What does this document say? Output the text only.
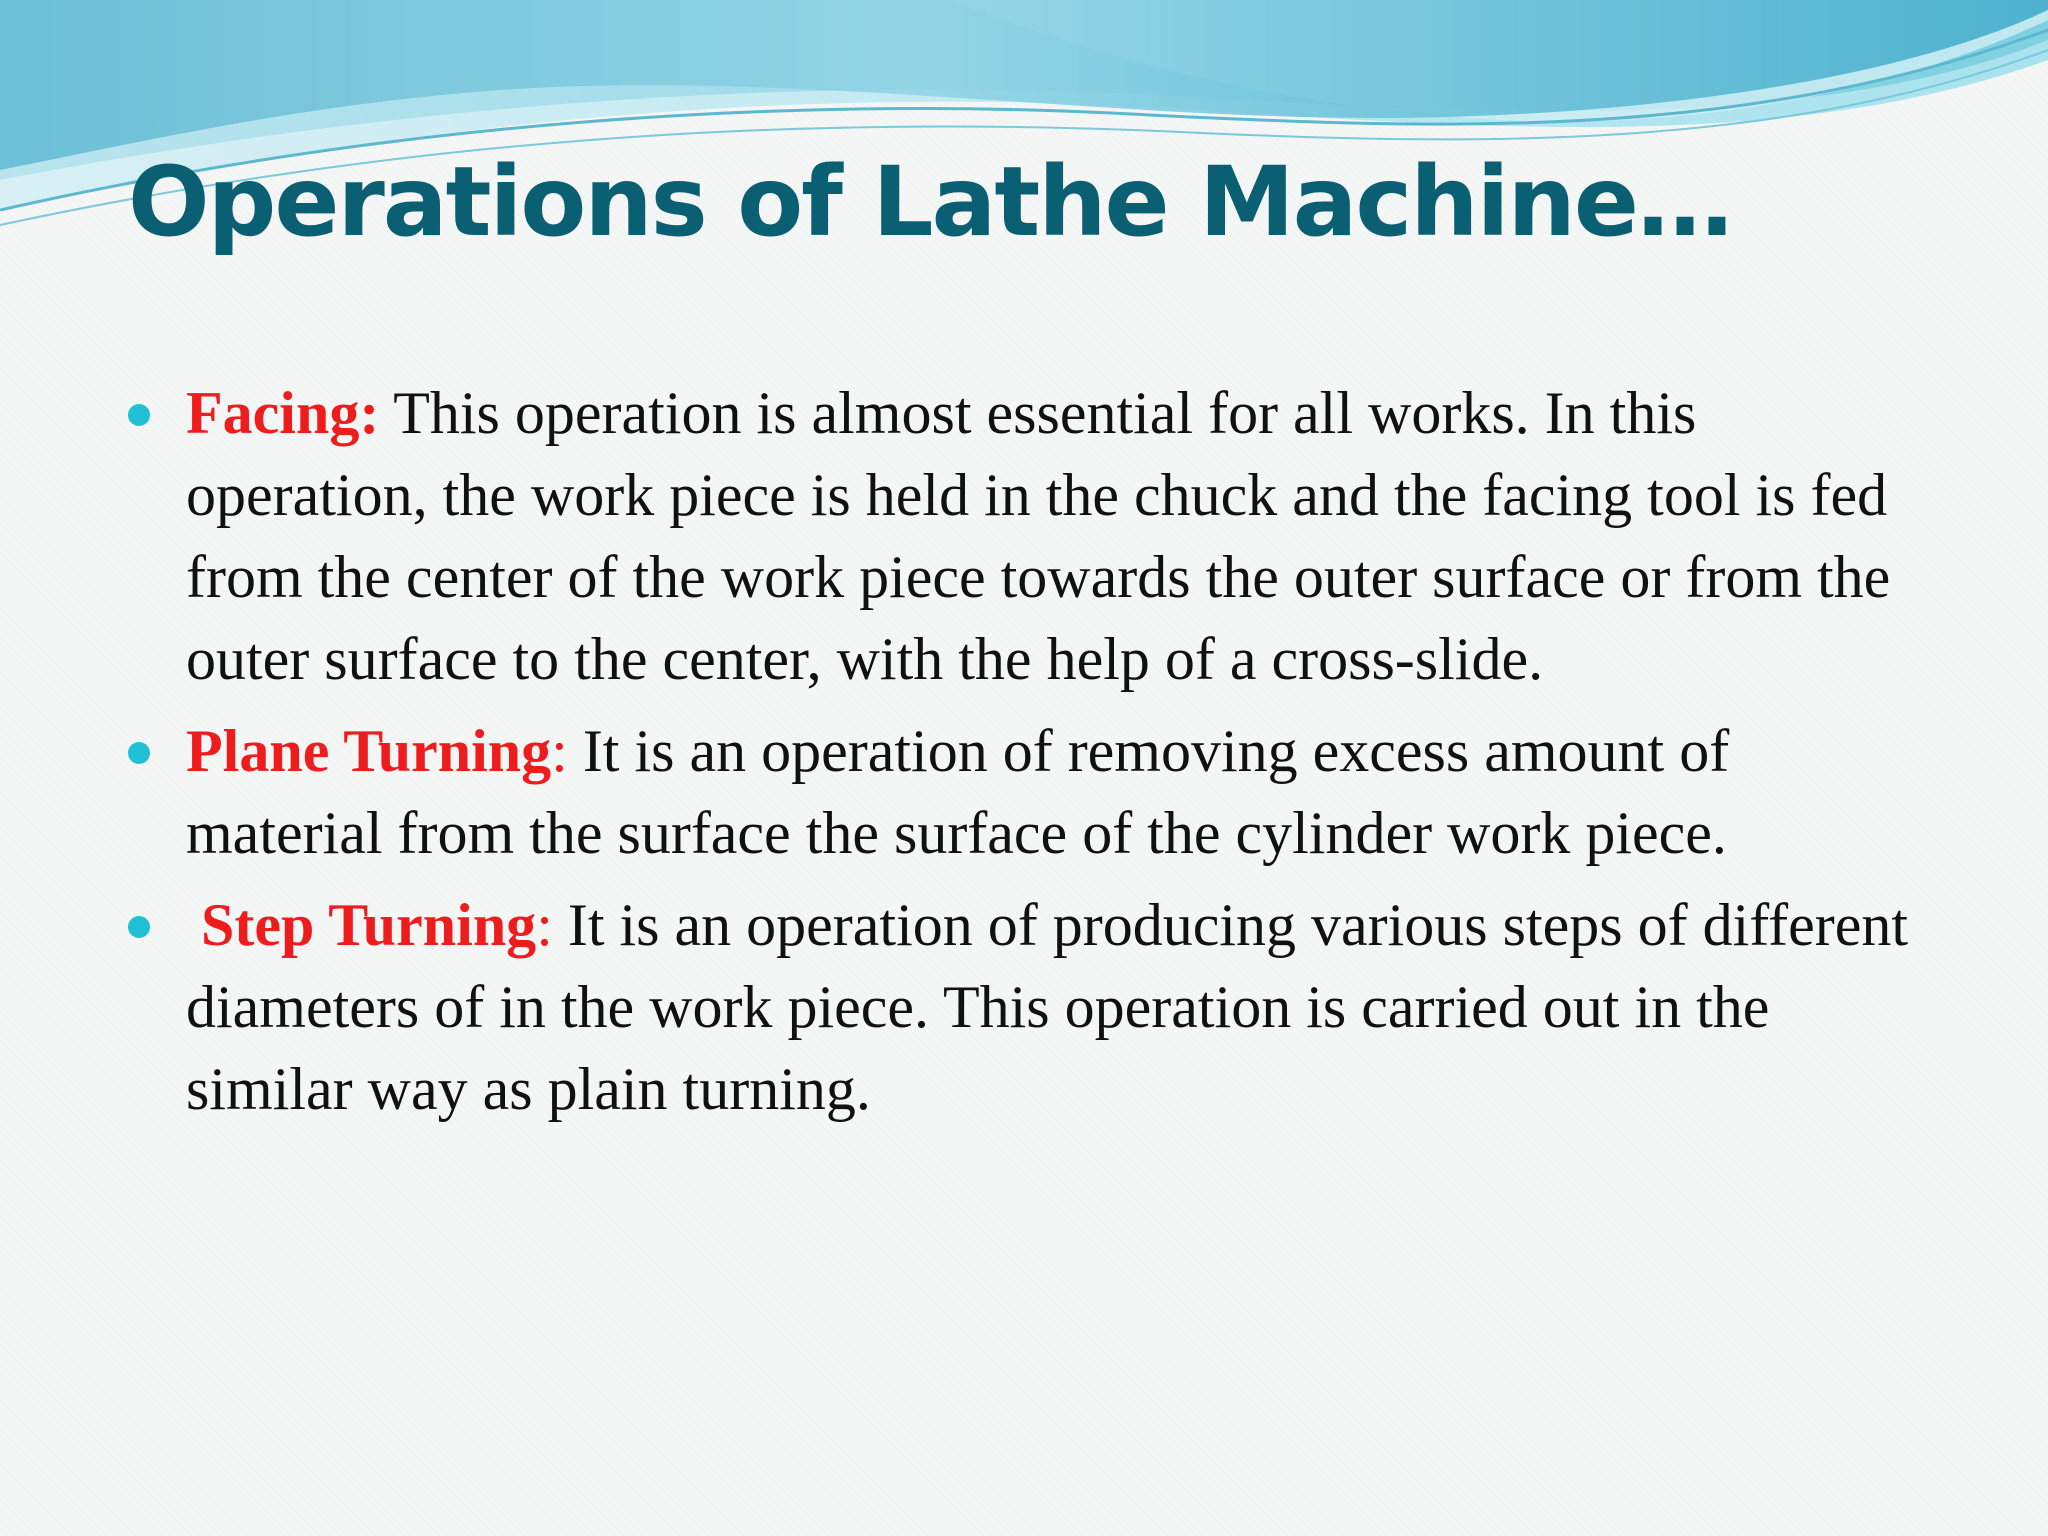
Operations of Lathe Machine…
Facing: This operation is almost essential for all works. In this operation, the work piece is held in the chuck and the facing tool is fed from the center of the work piece towards the outer surface or from the outer surface to the center, with the help of a cross-slide.
Plane Turning: It is an operation of removing excess amount of material from the surface the surface of the cylinder work piece.
Step Turning: It is an operation of producing various steps of different diameters of in the work piece. This operation is carried out in the similar way as plain turning.
